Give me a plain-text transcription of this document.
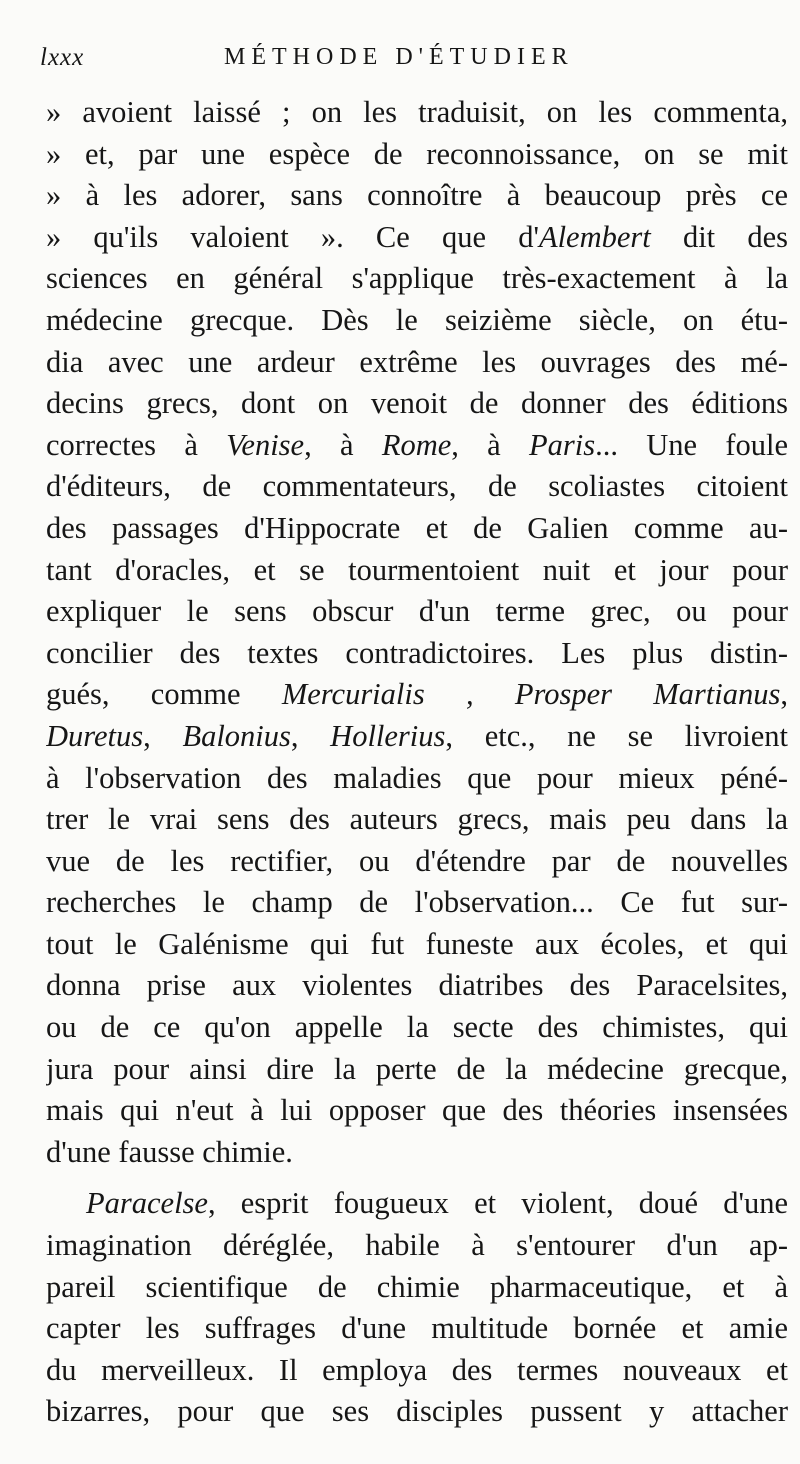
lxxx	MÉTHODE D'ÉTUDIER
» avoient laissé ; on les traduisit, on les commenta,
» et, par une espèce de reconnoissance, on se mit
» à les adorer, sans connoître à beaucoup près ce
» qu'ils valoient ». Ce que d'Alembert dit des
sciences en général s'applique très-exactement à la
médecine grecque. Dès le seizième siècle, on étu-
dia avec une ardeur extrême les ouvrages des mé-
decins grecs, dont on venoit de donner des éditions
correctes à Venise, à Rome, à Paris... Une foule
d'éditeurs, de commentateurs, de scoliastes citoient
des passages d'Hippocrate et de Galien comme au-
tant d'oracles, et se tourmentoient nuit et jour pour
expliquer le sens obscur d'un terme grec, ou pour
concilier des textes contradictoires. Les plus distin-
gués, comme Mercurialis , Prosper Martianus,
Duretus, Balonius, Hollerius, etc., ne se livroient
à l'observation des maladies que pour mieux péné-
trer le vrai sens des auteurs grecs, mais peu dans la
vue de les rectifier, ou d'étendre par de nouvelles
recherches le champ de l'observation... Ce fut sur-
tout le Galénisme qui fut funeste aux écoles, et qui
donna prise aux violentes diatribes des Paracelsites,
ou de ce qu'on appelle la secte des chimistes, qui
jura pour ainsi dire la perte de la médecine grecque,
mais qui n'eut à lui opposer que des théories insensées
d'une fausse chimie.
Paracelse, esprit fougueux et violent, doué d'une
imagination déréglée, habile à s'entourer d'un ap-
pareil scientifique de chimie pharmaceutique, et à
capter les suffrages d'une multitude bornée et amie
du merveilleux. Il employa des termes nouveaux et
bizarres, pour que ses disciples pussent y attacher
